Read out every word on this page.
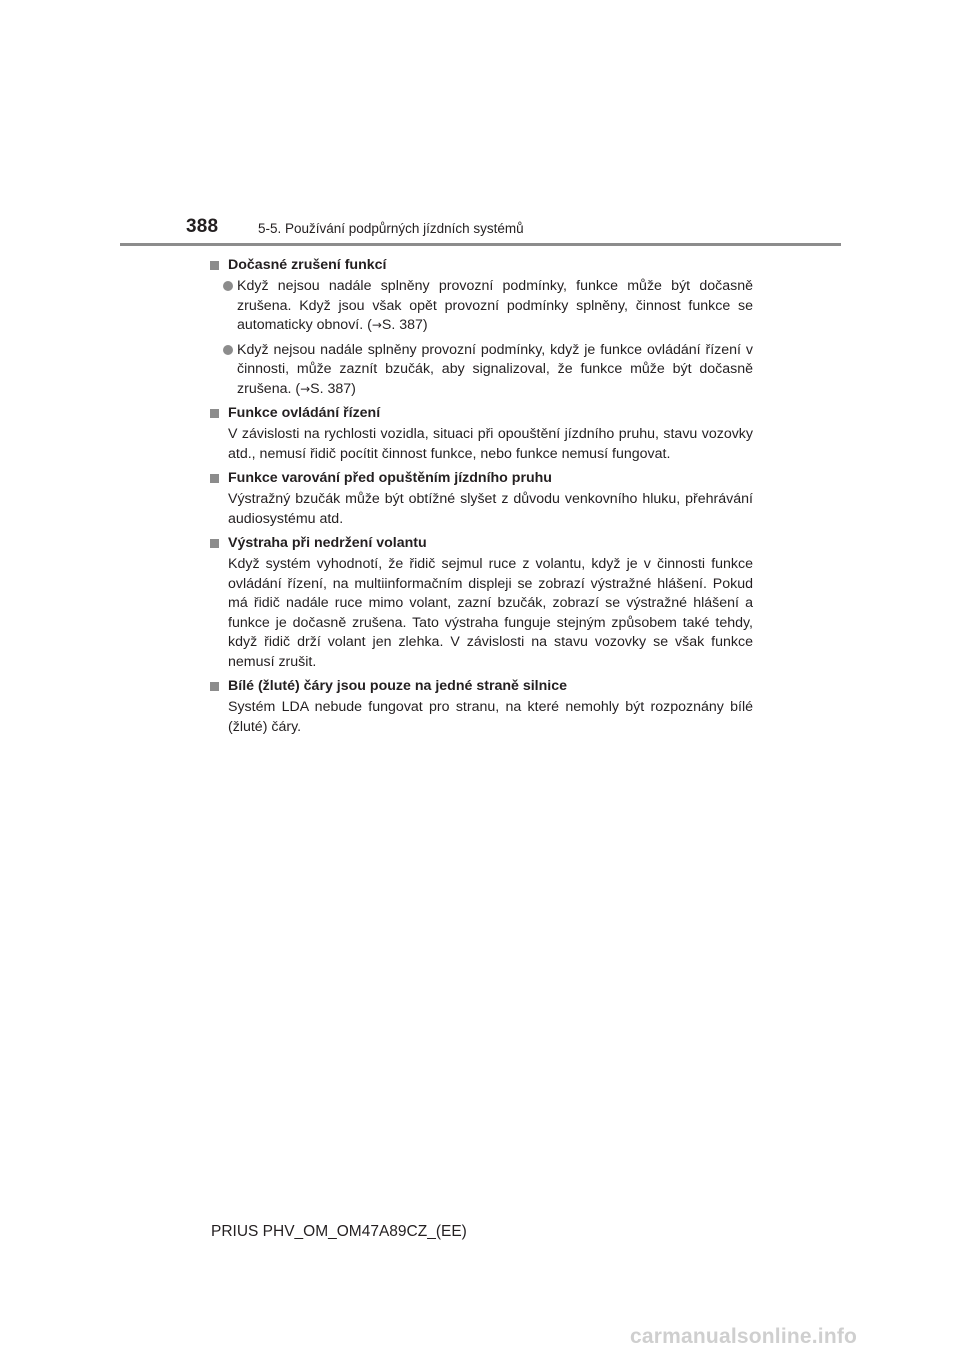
388	5-5. Používání podpůrných jízdních systémů
Dočasné zrušení funkcí
Když nejsou nadále splněny provozní podmínky, funkce může být dočasně zrušena. Když jsou však opět provozní podmínky splněny, činnost funkce se automaticky obnoví. (→S. 387)
Když nejsou nadále splněny provozní podmínky, když je funkce ovládání řízení v činnosti, může zaznít bzučák, aby signalizoval, že funkce může být dočasně zrušena. (→S. 387)
Funkce ovládání řízení
V závislosti na rychlosti vozidla, situaci při opouštění jízdního pruhu, stavu vozovky atd., nemusí řidič pocítit činnost funkce, nebo funkce nemusí fungovat.
Funkce varování před opuštěním jízdního pruhu
Výstražný bzučák může být obtížné slyšet z důvodu venkovního hluku, přehrávání audiosystému atd.
Výstraha při nedržení volantu
Když systém vyhodnotí, že řidič sejmul ruce z volantu, když je v činnosti funkce ovládání řízení, na multiinformačním displeji se zobrazí výstražné hlášení. Pokud má řidič nadále ruce mimo volant, zazní bzučák, zobrazí se výstražné hlášení a funkce je dočasně zrušena. Tato výstraha funguje stejným způsobem také tehdy, když řidič drží volant jen zlehka. V závislosti na stavu vozovky se však funkce nemusí zrušit.
Bílé (žluté) čáry jsou pouze na jedné straně silnice
Systém LDA nebude fungovat pro stranu, na které nemohly být rozpoznány bílé (žluté) čáry.
PRIUS PHV_OM_OM47A89CZ_(EE)
carmanualsonline.info
